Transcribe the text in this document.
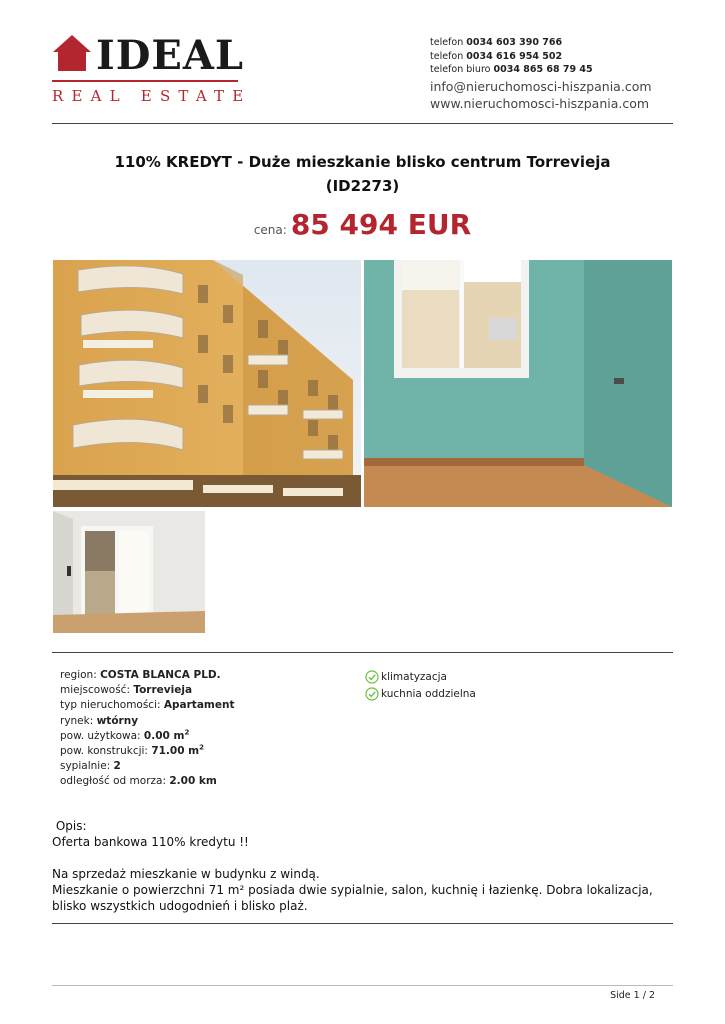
IDEAL
REAL ESTATE
telefon 0034 603 390 766
telefon 0034 616 954 502
telefon biuro 0034 865 68 79 45
info@nieruchomosci-hiszpania.com
www.nieruchomosci-hiszpania.com
110% KREDYT - Duże mieszkanie blisko centrum Torrevieja
(ID2273)
cena: 85 494 EUR
region: COSTA BLANCA PLD.
miejscowość: Torrevieja
typ nieruchomości: Apartament
rynek: wtórny
pow. użytkowa: 0.00 $m^2$
pow. konstrukcji: 71.00 $m^2$
sypialnie: 2
odległość od morza: 2.00 km
klimatyzacja
kuchnia oddzielna
Opis:
Oferta bankowa 110% kredytu !!
Na sprzedaż mieszkanie w budynku z windą.
Mieszkanie o powierzchni 71 m² posiada dwie sypialnie, salon, kuchnię i łazienkę. Dobra lokalizacja,
blisko wszystkich udogodnień i blisko plaż.
Side 1 / 2
